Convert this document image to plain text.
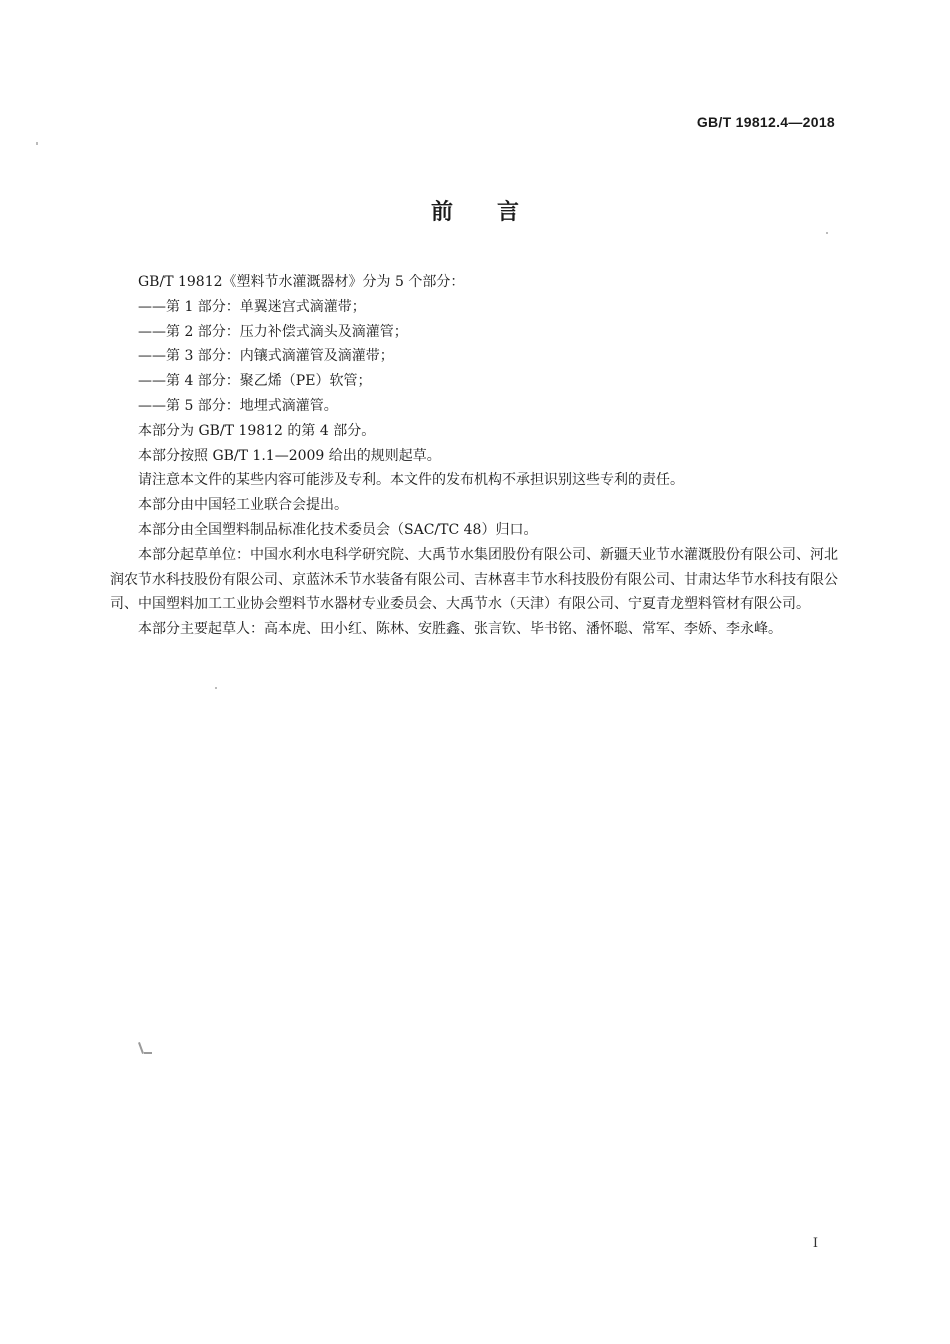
GB/T 19812.4—2018
前言

GB/T 19812《塑料节水灌溉器材》分为 5 个部分：

——第 1 部分：单翼迷宫式滴灌带；

——第 2 部分：压力补偿式滴头及滴灌管；

——第 3 部分：内镶式滴灌管及滴灌带；

——第 4 部分：聚乙烯（PE）软管；

——第 5 部分：地埋式滴灌管。

本部分为 GB/T 19812 的第 4 部分。

本部分按照 GB/T 1.1—2009 给出的规则起草。

请注意本文件的某些内容可能涉及专利。本文件的发布机构不承担识别这些专利的责任。

本部分由中国轻工业联合会提出。

本部分由全国塑料制品标准化技术委员会（SAC/TC 48）归口。

本部分起草单位：中国水利水电科学研究院、大禹节水集团股份有限公司、新疆天业节水灌溉股份有限公司、河北润农节水科技股份有限公司、京蓝沐禾节水装备有限公司、吉林喜丰节水科技股份有限公司、甘肃达华节水科技有限公司、中国塑料加工工业协会塑料节水器材专业委员会、大禹节水（天津）有限公司、宁夏青龙塑料管材有限公司。

本部分主要起草人：高本虎、田小红、陈林、安胜鑫、张言钦、毕书铭、潘怀聪、常军、李娇、李永峰。

I
